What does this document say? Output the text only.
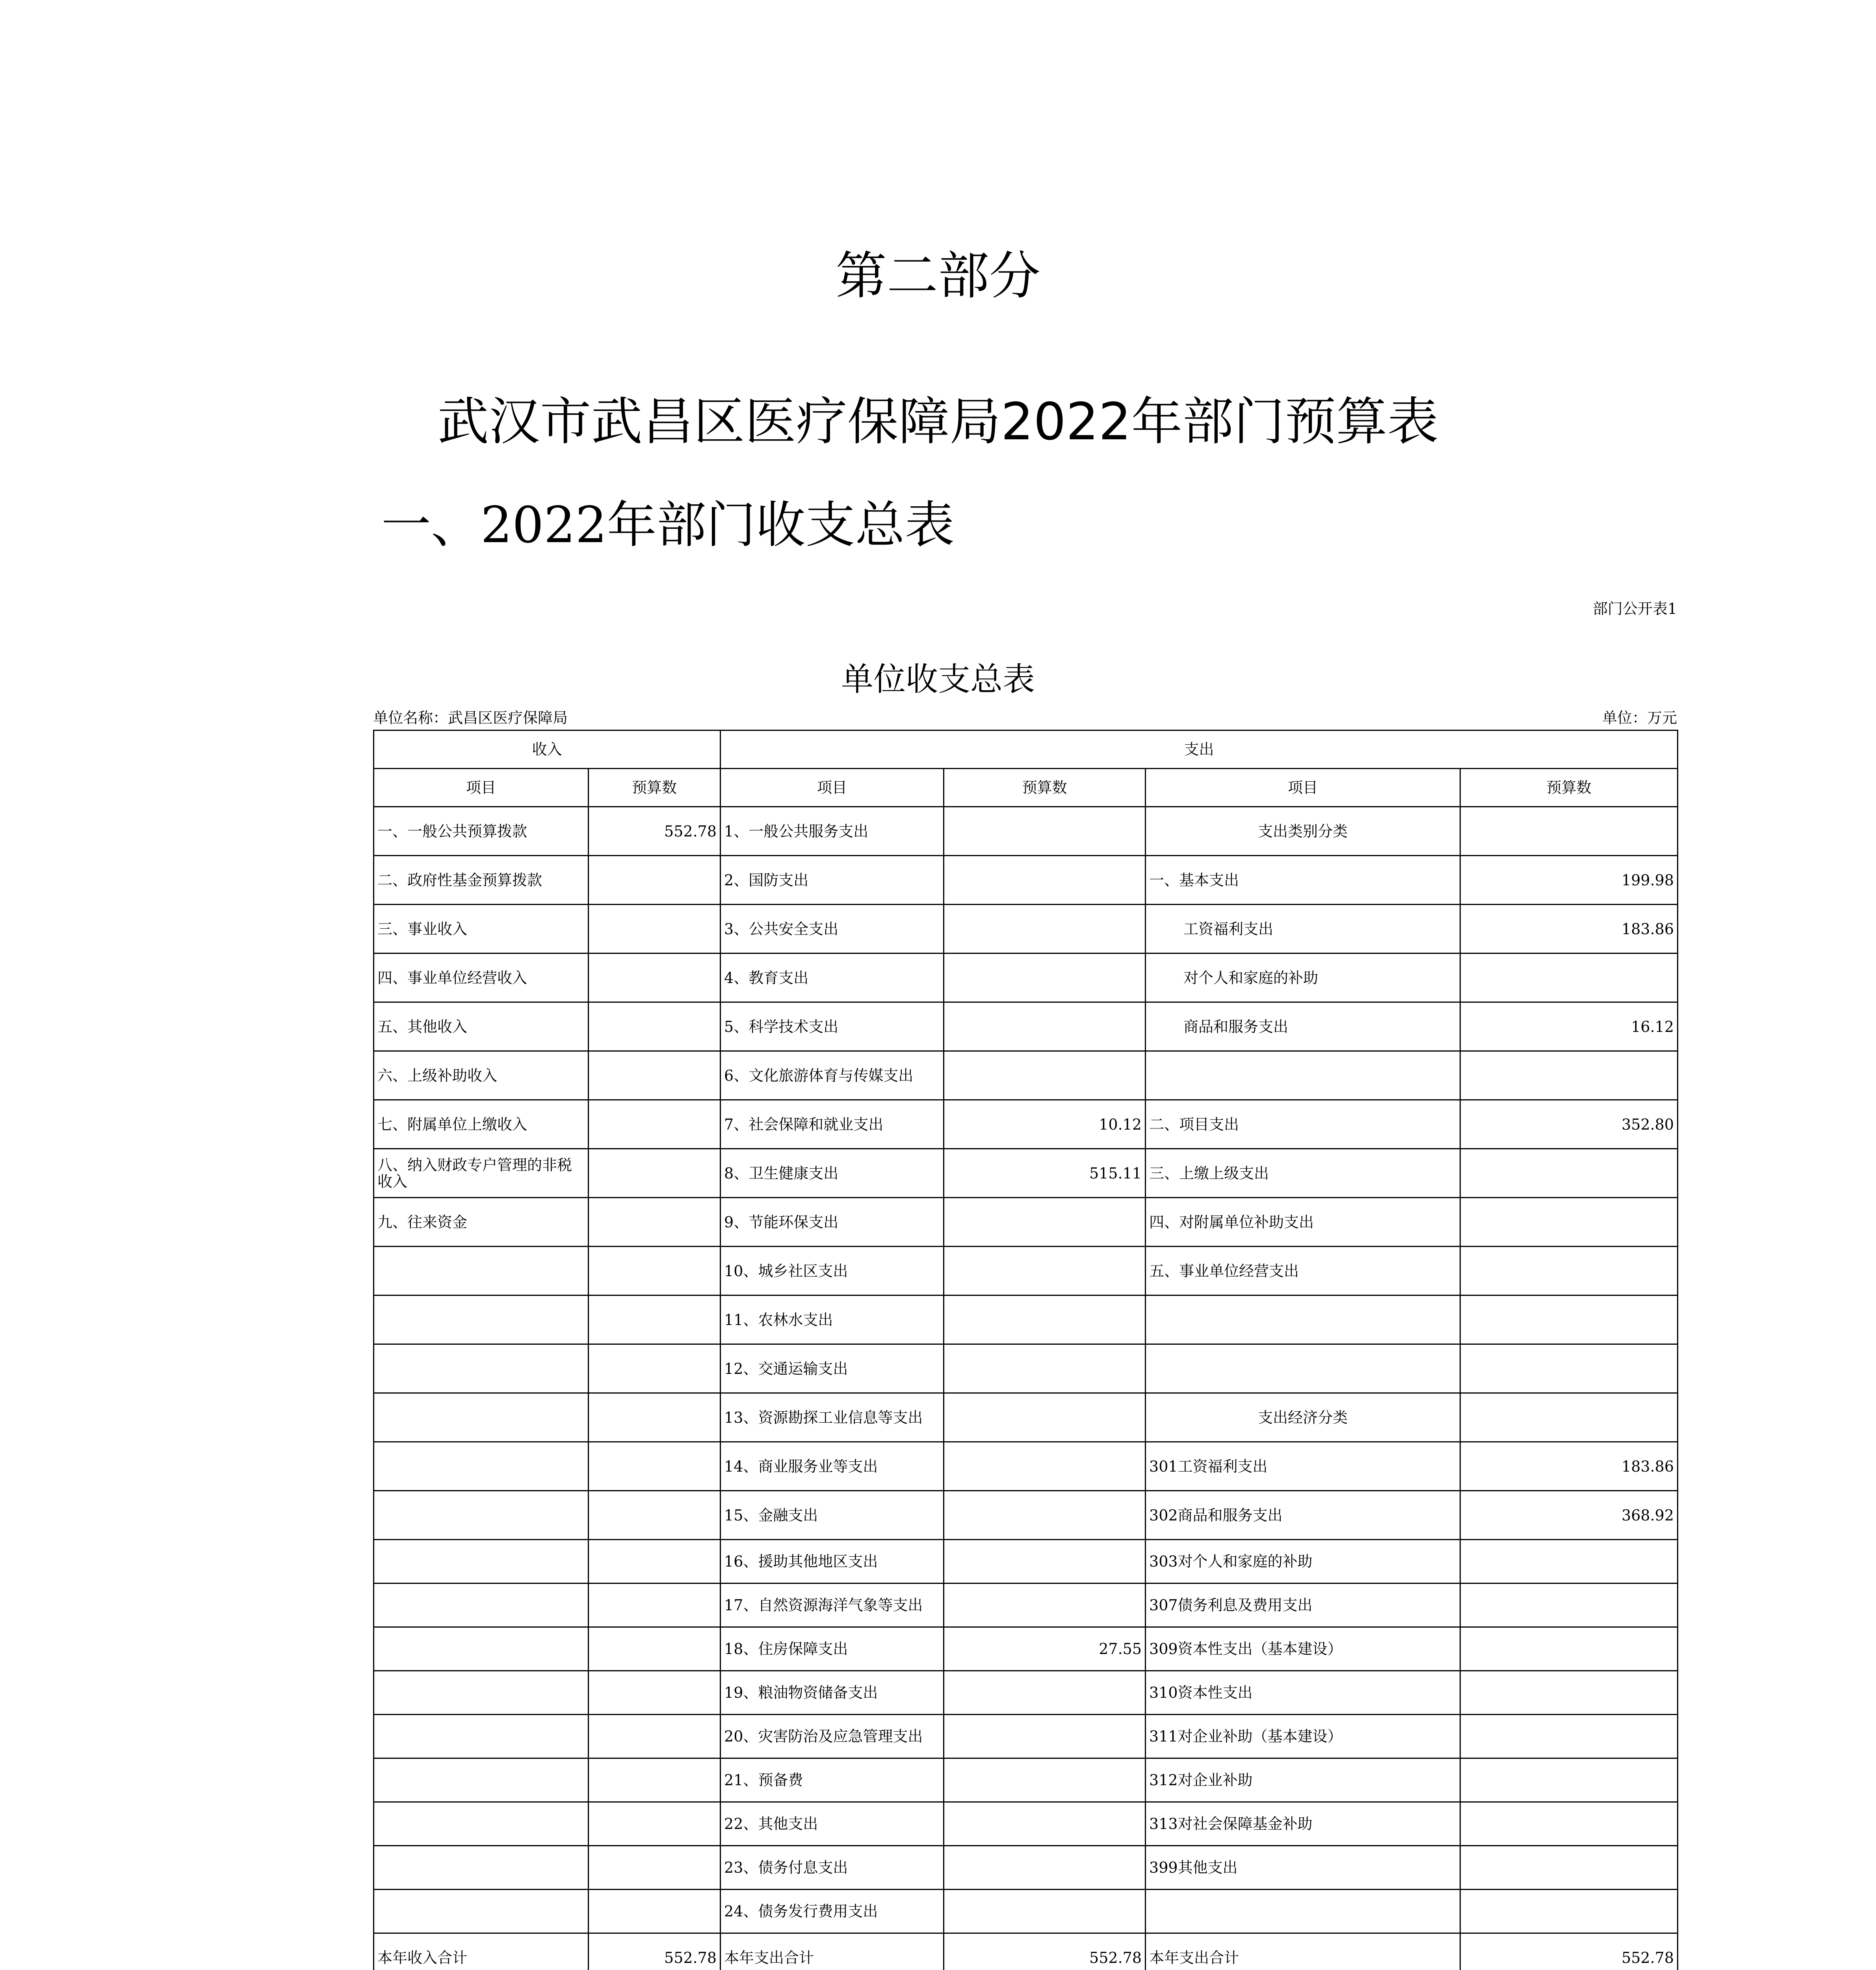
第二部分
武汉市武昌区医疗保障局2022年部门预算表
一、2022年部门收支总表
部门公开表1
单位收支总表
单位名称：武昌区医疗保障局	单位：万元
收入		支出			
项目	预算数	项目	预算数	项目	预算数
一、一般公共预算拨款	552.78	1、一般公共服务支出		支出类别分类	
二、政府性基金预算拨款		2、国防支出		一、基本支出	199.98
三、事业收入		3、公共安全支出		工资福利支出	183.86
四、事业单位经营收入		4、教育支出		对个人和家庭的补助	
五、其他收入		5、科学技术支出		商品和服务支出	16.12
六、上级补助收入		6、文化旅游体育与传媒支出			
七、附属单位上缴收入		7、社会保障和就业支出	10.12	二、项目支出	352.80
八、纳入财政专户管理的非税收入		8、卫生健康支出	515.11	三、上缴上级支出	
九、往来资金		9、节能环保支出		四、对附属单位补助支出	
		10、城乡社区支出		五、事业单位经营支出	
		11、农林水支出			
		12、交通运输支出			
		13、资源勘探工业信息等支出		支出经济分类	
		14、商业服务业等支出		301工资福利支出	183.86
		15、金融支出		302商品和服务支出	368.92
		16、援助其他地区支出		303对个人和家庭的补助	
		17、自然资源海洋气象等支出		307债务利息及费用支出	
		18、住房保障支出	27.55	309资本性支出（基本建设）	
		19、粮油物资储备支出		310资本性支出	
		20、灾害防治及应急管理支出		311对企业补助（基本建设）	
		21、预备费		312对企业补助	
		22、其他支出		313对社会保障基金补助	
		23、债务付息支出		399其他支出	
		24、债务发行费用支出			
本年收入合计	552.78	本年支出合计	552.78	本年支出合计	552.78
